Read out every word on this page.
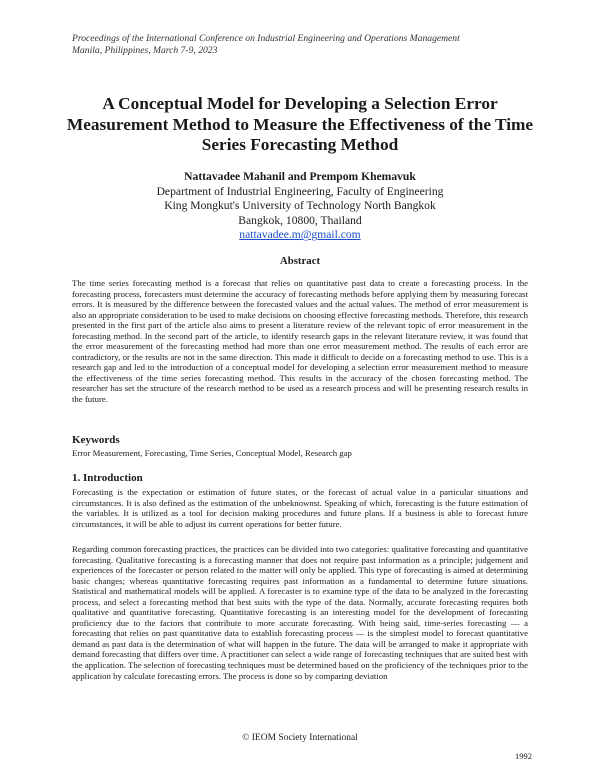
Proceedings of the International Conference on Industrial Engineering and Operations Management
Manila, Philippines, March 7-9, 2023
A Conceptual Model for Developing a Selection Error Measurement Method to Measure the Effectiveness of the Time Series Forecasting Method
Nattavadee Mahanil and Prempom Khemavuk
Department of Industrial Engineering, Faculty of Engineering
King Mongkut's University of Technology North Bangkok
Bangkok, 10800, Thailand
nattavadee.m@gmail.com
Abstract
The time series forecasting method is a forecast that relies on quantitative past data to create a forecasting process. In the forecasting process, forecasters must determine the accuracy of forecasting methods before applying them by measuring forecast errors. It is measured by the difference between the forecasted values and the actual values. The method of error measurement is also an appropriate consideration to be used to make decisions on choosing effective forecasting methods. Therefore, this research presented in the first part of the article also aims to present a literature review of the relevant topic of error measurement in the forecasting method. In the second part of the article, to identify research gaps in the relevant literature review, it was found that the error measurement of the forecasting method had more than one error measurement method. The results of each error are contradictory, or the results are not in the same direction. This made it difficult to decide on a forecasting method to use. This is a research gap and led to the introduction of a conceptual model for developing a selection error measurement method to measure the effectiveness of the time series forecasting method. This results in the accuracy of the chosen forecasting method. The researcher has set the structure of the research method to be used as a research process and will be presenting research results in the future.
Keywords
Error Measurement, Forecasting, Time Series, Conceptual Model, Research gap
1. Introduction
Forecasting is the expectation or estimation of future states, or the forecast of actual value in a particular situations and circumstances. It is also defined as the estimation of the unbeknownst. Speaking of which, forecasting is the future estimation of the variables. It is utilized as a tool for decision making procedures and future plans. If a business is able to forecast future circumstances, it will be able to adjust its current operations for better future.
Regarding common forecasting practices, the practices can be divided into two categories: qualitative forecasting and quantitative forecasting. Qualitative forecasting is a forecasting manner that does not require past information as a principle; judgement and experiences of the forecaster or person related to the matter will only be applied. This type of forecasting is aimed at determining basic changes; whereas quantitative forecasting requires past information as a fundamental to determine future situations. Statistical and mathematical models will be applied. A forecaster is to examine type of the data to be analyzed in the forecasting process, and select a forecasting method that best suits with the type of the data. Normally, accurate forecasting requires both qualitative and quantitative forecasting. Quantitative forecasting is an interesting model for the development of forecasting proficiency due to the factors that contribute to more accurate forecasting. With being said, time-series forecasting — a forecasting that relies on past quantitative data to establish forecasting process — is the simplest model to forecast quantitative demand as past data is the determination of what will happen in the future. The data will be arranged to make it appropriate with demand forecasting that differs over time. A practitioner can select a wide range of forecasting techniques that are suited best with the application. The selection of forecasting techniques must be determined based on the proficiency of the techniques prior to the application by calculate forecasting errors. The process is done so by comparing deviation
© IEOM Society International
1992
